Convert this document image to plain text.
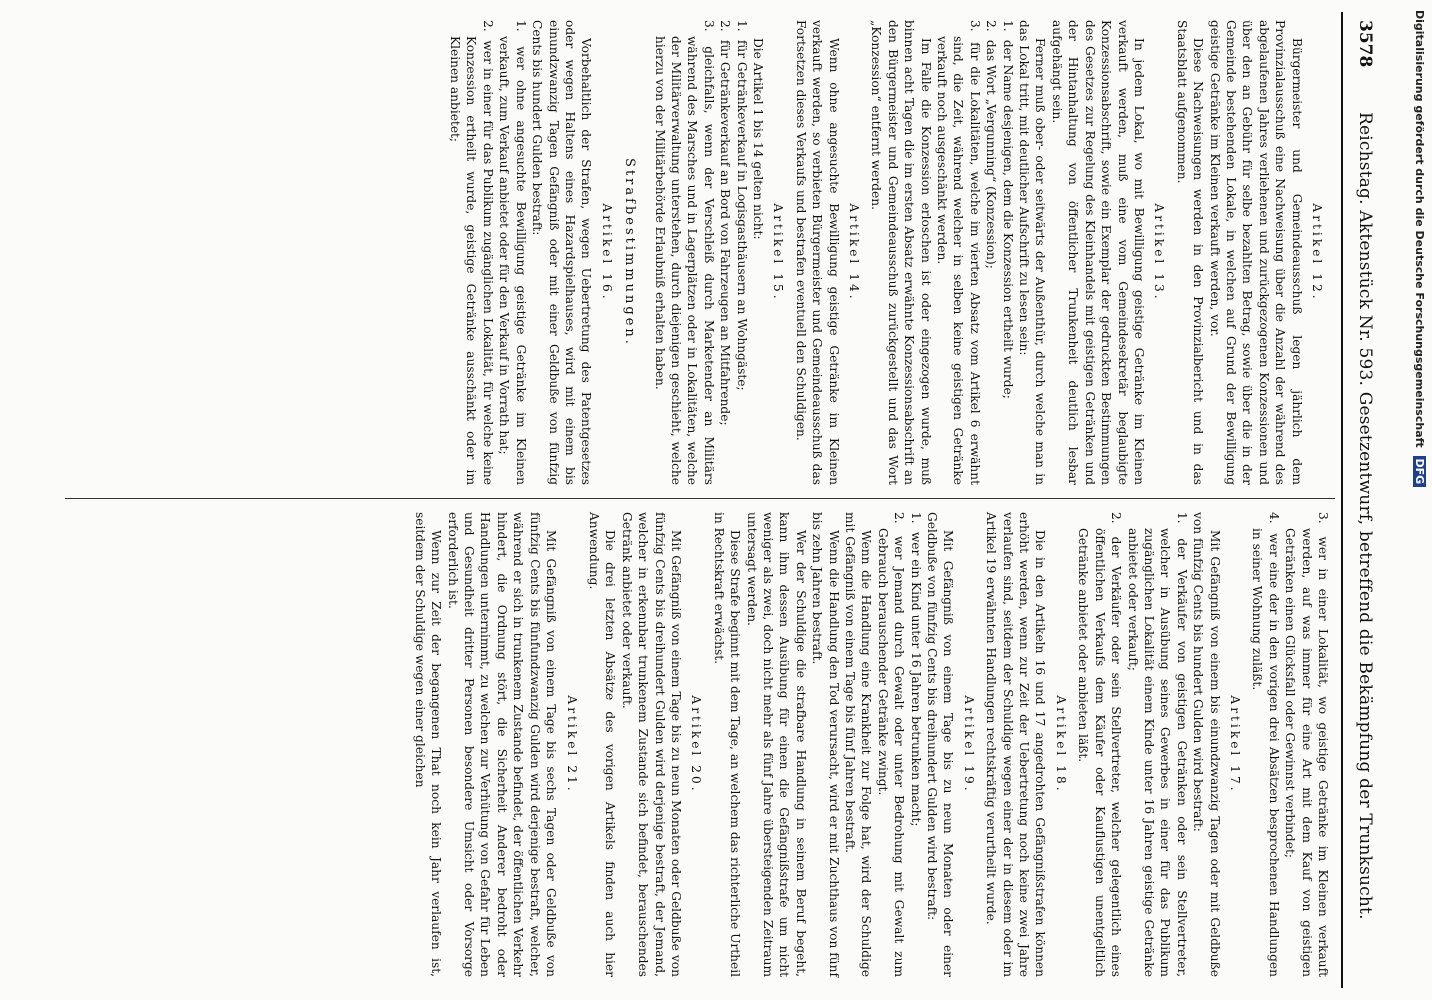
3578
Reichstag. Aktenstück Nr. 593. Gesetzentwurf, betreffend die Bekämpfung der Trunksucht.
Artikel 12.

Bürgermeister und Gemeindeausschuß legen jährlich dem Provinzialausschuß eine Nachweisung über die Anzahl der während des abgelaufenen Jahres verliehenen und zurückgezogenen Konzessionen und über den an Gebühr für selbe bezahlten Betrag, sowie über die in der Gemeinde bestehenden Lokale, in welchen auf Grund der Bewilligung geistige Getränke im Kleinen verkauft werden, vor.

Diese Nachweisungen werden in den Provinzialbericht und in das Staatsblatt aufgenommen.

Artikel 13.

In jedem Lokal, wo mit Bewilligung geistige Getränke im Kleinen verkauft werden, muß eine vom Gemeindesekretär beglaubigte Konzessionsabschrift, sowie ein Exemplar der gedruckten Bestimmungen des Gesetzes zur Regelung des Kleinhandels mit geistigen Getränken und der Hintanhaltung von öffentlicher Trunkenheit deutlich lesbar aufgehängt sein.

Ferner muß ober- oder seitwärts der Außenthür, durch welche man in das Lokal tritt, mit deutlicher Aufschrift zu lesen sein:

1. der Name desjenigen, dem die Konzession ertheilt wurde;

2. das Wort „Vergunning“ (Konzession);

3. für die Lokalitäten, welche im vierten Absatz vom Artikel 6 erwähnt sind, die Zeit, während welcher in selben keine geistigen Getränke verkauft noch ausgeschänkt werden.

Im Falle die Konzession erloschen ist oder eingezogen wurde, muß binnen acht Tagen die im ersten Absatz erwähnte Konzessionsabschrift an den Bürgermeister und Gemeindeausschuß zurückgestellt und das Wort „Konzession“ entfernt werden.

Artikel 14.

Wenn ohne angesuchte Bewilligung geistige Getränke im Kleinen verkauft werden, so verbieten Bürgermeister und Gemeindeausschuß das Fortsetzen dieses Verkaufs und bestrafen eventuell den Schuldigen.

Artikel 15.

Die Artikel 1 bis 14 gelten nicht:

1. für Getränkeverkauf in Logisgasthäusern an Wohngäste;

2. für Getränkeverkauf an Bord von Fahrzeugen an Mitfahrende;

3. gleichfalls, wenn der Verschleiß durch Marketender an Militärs während des Marsches und in Lagerplätzen oder in Lokalitäten, welche der Militärverwaltung unterstehen, durch diejenigen geschieht, welche hierzu von der Militärbehörde Erlaubniß erhalten haben.

Strafbestimmungen.
Artikel 16.

Vorbehaltlich der Strafen, wegen Uebertretung des Patentgesetzes oder wegen Haltens eines Hazardspielhauses, wird mit einem bis einundzwanzig Tagen Gefängniß oder mit einer Geldbuße von fünfzig Cents bis hundert Gulden bestraft:

1. wer ohne angesuchte Bewilligung geistige Getränke im Kleinen verkauft, zum Verkauf anbietet oder für den Verkauf in Vorrath hat;

2. wer in einer für das Publikum zugänglichen Lokalität, für welche keine Konzession ertheilt wurde, geistige Getränke ausschänkt oder im Kleinen anbietet;

3. wer in einer Lokalität, wo geistige Getränke im Kleinen verkauft werden, auf was immer für eine Art mit dem Kauf von geistigen Getränken einen Glücksfall oder Gewinnst verbindet;

4. wer eine der in den vorigen drei Absätzen besprochenen Handlungen in seiner Wohnung zuläßt.

Artikel 17.

Mit Gefängniß von einem bis einundzwanzig Tagen oder mit Geldbuße von fünfzig Cents bis hundert Gulden wird bestraft:

1. der Verkäufer von geistigen Getränken oder sein Stellvertreter, welcher in Ausübung seines Gewerbes in einer für das Publikum zugänglichen Lokalität einem Kinde unter 16 Jahren geistige Getränke anbietet oder verkauft;

2. der Verkäufer oder sein Stellvertreter, welcher gelegentlich eines öffentlichen Verkaufs dem Käufer oder Kauflustigen unentgeltlich Getränke anbietet oder anbieten läßt.

Artikel 18.

Die in den Artikeln 16 und 17 angedrohten Gefängnißstrafen können erhöht werden, wenn zur Zeit der Uebertretung noch keine zwei Jahre verlaufen sind, seitdem der Schuldige wegen einer der in diesem oder im Artikel 19 erwähnten Handlungen rechtskräftig verurtheilt wurde.

Artikel 19.

Mit Gefängniß von einem Tage bis zu neun Monaten oder einer Geldbuße von fünfzig Cents bis dreihundert Gulden wird bestraft:

1. wer ein Kind unter 16 Jahren betrunken macht;

2. wer Jemand durch Gewalt oder unter Bedrohung mit Gewalt zum Gebrauch berauschender Getränke zwingt.

Wenn die Handlung eine Krankheit zur Folge hat, wird der Schuldige mit Gefängniß von einem Tage bis fünf Jahren bestraft.

Wenn die Handlung den Tod verursacht, wird er mit Zuchthaus von fünf bis zehn Jahren bestraft.

Wer der Schuldige die strafbare Handlung in seinem Beruf begeht, kann ihm dessen Ausübung für einen die Gefängnißstrafe um nicht weniger als zwei, doch nicht mehr als fünf Jahre übersteigenden Zeitraum untersagt werden.

Diese Strafe beginnt mit dem Tage, an welchem das richterliche Urtheil in Rechtskraft erwächst.

Artikel 20.

Mit Gefängniß von einem Tage bis zu neun Monaten oder Geldbuße von fünfzig Cents bis dreihundert Gulden wird derjenige bestraft, der Jemand, welcher in erkennbar trunkenem Zustande sich befindet, berauschendes Getränk anbietet oder verkauft.

Die drei letzten Absätze des vorigen Artikels finden auch hier Anwendung.

Artikel 21.

Mit Gefängniß von einem Tage bis sechs Tagen oder Geldbuße von fünfzig Cents bis fünfundzwanzig Gulden wird derjenige bestraft, welcher, während er sich in trunkenem Zustande befindet, der öffentlichen Verkehr hindert, die Ordnung stört, die Sicherheit Anderer bedroht oder Handlungen unternimmt, zu welchen zur Verhütung von Gefahr für Leben und Gesundheit dritter Personen besondere Umsicht oder Vorsorge erforderlich ist.

Wenn zur Zeit der begangenen That noch kein Jahr verlaufen ist, seitdem der Schuldige wegen einer gleichen

Digitalisierung gefördert durch die Deutsche Forschungsgemeinschaft DFG
